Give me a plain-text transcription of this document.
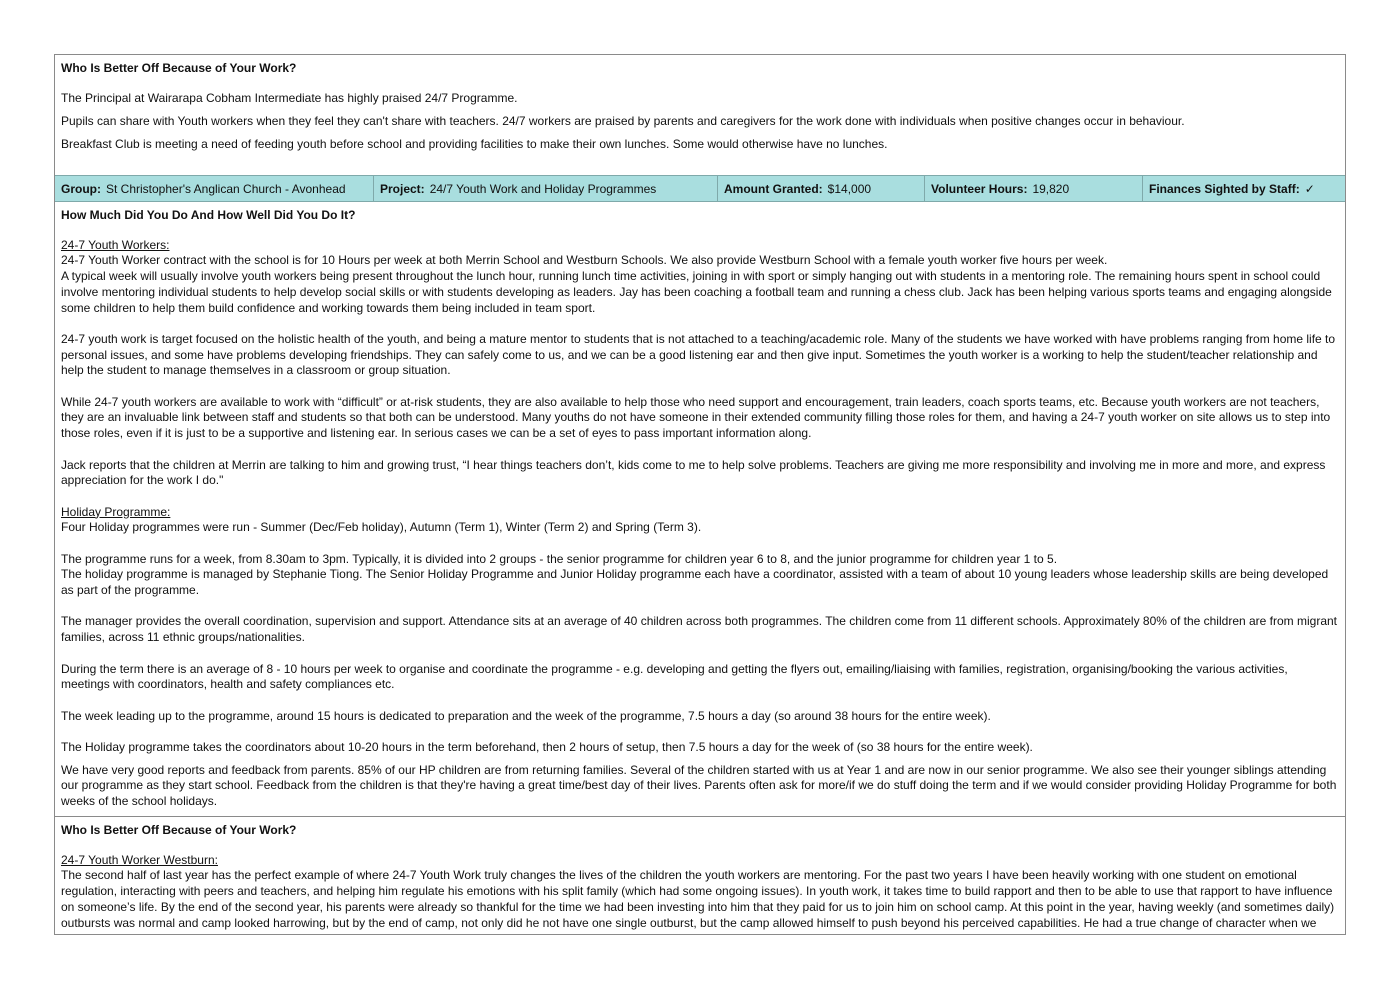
Who Is Better Off Because of Your Work?

The Principal at Wairarapa Cobham Intermediate has highly praised 24/7 Programme.

Pupils can share with Youth workers when they feel they can't share with teachers. 24/7 workers are praised by parents and caregivers for the work done with individuals when positive changes occur in behaviour.

Breakfast Club is meeting a need of feeding youth before school and providing facilities to make their own lunches. Some would otherwise have no lunches.

Group: St Christopher's Anglican Church - Avonhead	Project: 24/7 Youth Work and Holiday Programmes	Amount Granted: $14,000	Volunteer Hours: 19,820	Finances Sighted by Staff: ✓
How Much Did You Do And How Well Did You Do It?

24-7 Youth Workers:

24-7 Youth Worker contract with the school is for 10 Hours per week at both Merrin School and Westburn Schools. We also provide Westburn School with a female youth worker five hours per week.

A typical week will usually involve youth workers being present throughout the lunch hour, running lunch time activities, joining in with sport or simply hanging out with students in a mentoring role. The remaining hours spent in school could involve mentoring individual students to help develop social skills or with students developing as leaders. Jay has been coaching a football team and running a chess club. Jack has been helping various sports teams and engaging alongside some children to help them build confidence and working towards them being included in team sport.

24-7 youth work is target focused on the holistic health of the youth, and being a mature mentor to students that is not attached to a teaching/academic role. Many of the students we have worked with have problems ranging from home life to personal issues, and some have problems developing friendships. They can safely come to us, and we can be a good listening ear and then give input. Sometimes the youth worker is a working to help the student/teacher relationship and help the student to manage themselves in a classroom or group situation.

While 24-7 youth workers are available to work with “difficult” or at-risk students, they are also available to help those who need support and encouragement, train leaders, coach sports teams, etc. Because youth workers are not teachers, they are an invaluable link between staff and students so that both can be understood. Many youths do not have someone in their extended community filling those roles for them, and having a 24-7 youth worker on site allows us to step into those roles, even if it is just to be a supportive and listening ear. In serious cases we can be a set of eyes to pass important information along.

Jack reports that the children at Merrin are talking to him and growing trust, “I hear things teachers don’t, kids come to me to help solve problems. Teachers are giving me more responsibility and involving me in more and more, and express appreciation for the work I do."

Holiday Programme:

Four Holiday programmes were run - Summer (Dec/Feb holiday), Autumn (Term 1), Winter (Term 2) and Spring (Term 3).

The programme runs for a week, from 8.30am to 3pm. Typically, it is divided into 2 groups - the senior programme for children year 6 to 8, and the junior programme for children year 1 to 5.

The holiday programme is managed by Stephanie Tiong. The Senior Holiday Programme and Junior Holiday programme each have a coordinator, assisted with a team of about 10 young leaders whose leadership skills are being developed as part of the programme.

The manager provides the overall coordination, supervision and support. Attendance sits at an average of 40 children across both programmes. The children come from 11 different schools. Approximately 80% of the children are from migrant families, across 11 ethnic groups/nationalities.

During the term there is an average of 8 - 10 hours per week to organise and coordinate the programme - e.g. developing and getting the flyers out, emailing/liaising with families, registration, organising/booking the various activities, meetings with coordinators, health and safety compliances etc.

The week leading up to the programme, around 15 hours is dedicated to preparation and the week of the programme, 7.5 hours a day (so around 38 hours for the entire week).

The Holiday programme takes the coordinators about 10-20 hours in the term beforehand, then 2 hours of setup, then 7.5 hours a day for the week of (so 38 hours for the entire week).

We have very good reports and feedback from parents. 85% of our HP children are from returning families. Several of the children started with us at Year 1 and are now in our senior programme. We also see their younger siblings attending our programme as they start school. Feedback from the children is that they're having a great time/best day of their lives. Parents often ask for more/if we do stuff doing the term and if we would consider providing Holiday Programme for both weeks of the school holidays.

Who Is Better Off Because of Your Work?

24-7 Youth Worker Westburn:

The second half of last year has the perfect example of where 24-7 Youth Work truly changes the lives of the children the youth workers are mentoring. For the past two years I have been heavily working with one student on emotional regulation, interacting with peers and teachers, and helping him regulate his emotions with his split family (which had some ongoing issues). In youth work, it takes time to build rapport and then to be able to use that rapport to have influence on someone’s life. By the end of the second year, his parents were already so thankful for the time we had been investing into him that they paid for us to join him on school camp. At this point in the year, having weekly (and sometimes daily) outbursts was normal and camp looked harrowing, but by the end of camp, not only did he not have one single outburst, but the camp allowed himself to push beyond his perceived capabilities. He had a true change of character when we
